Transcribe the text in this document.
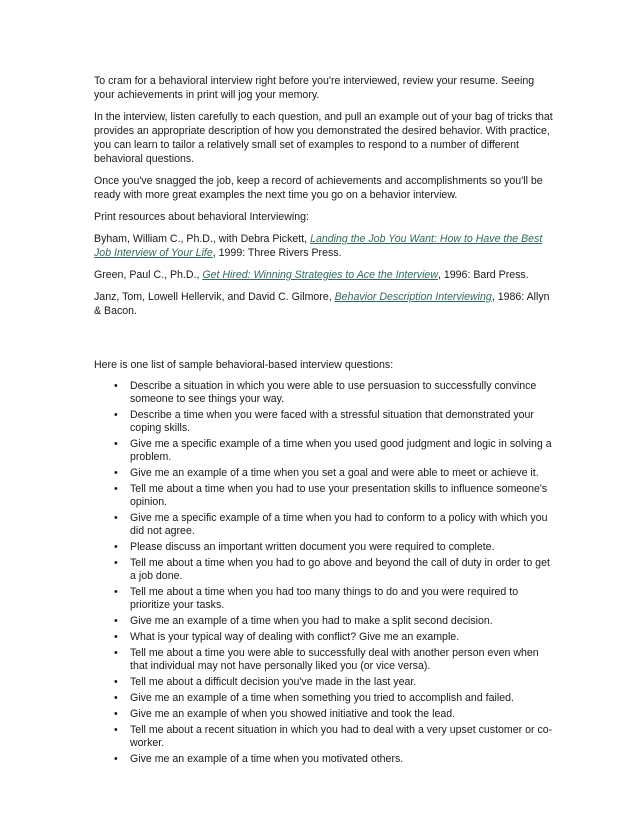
To cram for a behavioral interview right before you're interviewed, review your resume. Seeing your achievements in print will jog your memory.

In the interview, listen carefully to each question, and pull an example out of your bag of tricks that provides an appropriate description of how you demonstrated the desired behavior. With practice, you can learn to tailor a relatively small set of examples to respond to a number of different behavioral questions.

Once you've snagged the job, keep a record of achievements and accomplishments so you'll be ready with more great examples the next time you go on a behavior interview.

Print resources about behavioral Interviewing:

Byham, William C., Ph.D., with Debra Pickett, Landing the Job You Want: How to Have the Best Job Interview of Your Life, 1999: Three Rivers Press.

Green, Paul C., Ph.D., Get Hired: Winning Strategies to Ace the Interview, 1996: Bard Press.

Janz, Tom, Lowell Hellervik, and David C. Gilmore, Behavior Description Interviewing, 1986: Allyn & Bacon.

Here is one list of sample behavioral-based interview questions:

• Describe a situation in which you were able to use persuasion to successfully convince someone to see things your way.
• Describe a time when you were faced with a stressful situation that demonstrated your coping skills.
• Give me a specific example of a time when you used good judgment and logic in solving a problem.
• Give me an example of a time when you set a goal and were able to meet or achieve it.
• Tell me about a time when you had to use your presentation skills to influence someone's opinion.
• Give me a specific example of a time when you had to conform to a policy with which you did not agree.
• Please discuss an important written document you were required to complete.
• Tell me about a time when you had to go above and beyond the call of duty in order to get a job done.
• Tell me about a time when you had too many things to do and you were required to prioritize your tasks.
• Give me an example of a time when you had to make a split second decision.
• What is your typical way of dealing with conflict? Give me an example.
• Tell me about a time you were able to successfully deal with another person even when that individual may not have personally liked you (or vice versa).
• Tell me about a difficult decision you've made in the last year.
• Give me an example of a time when something you tried to accomplish and failed.
• Give me an example of when you showed initiative and took the lead.
• Tell me about a recent situation in which you had to deal with a very upset customer or co-worker.
• Give me an example of a time when you motivated others.
